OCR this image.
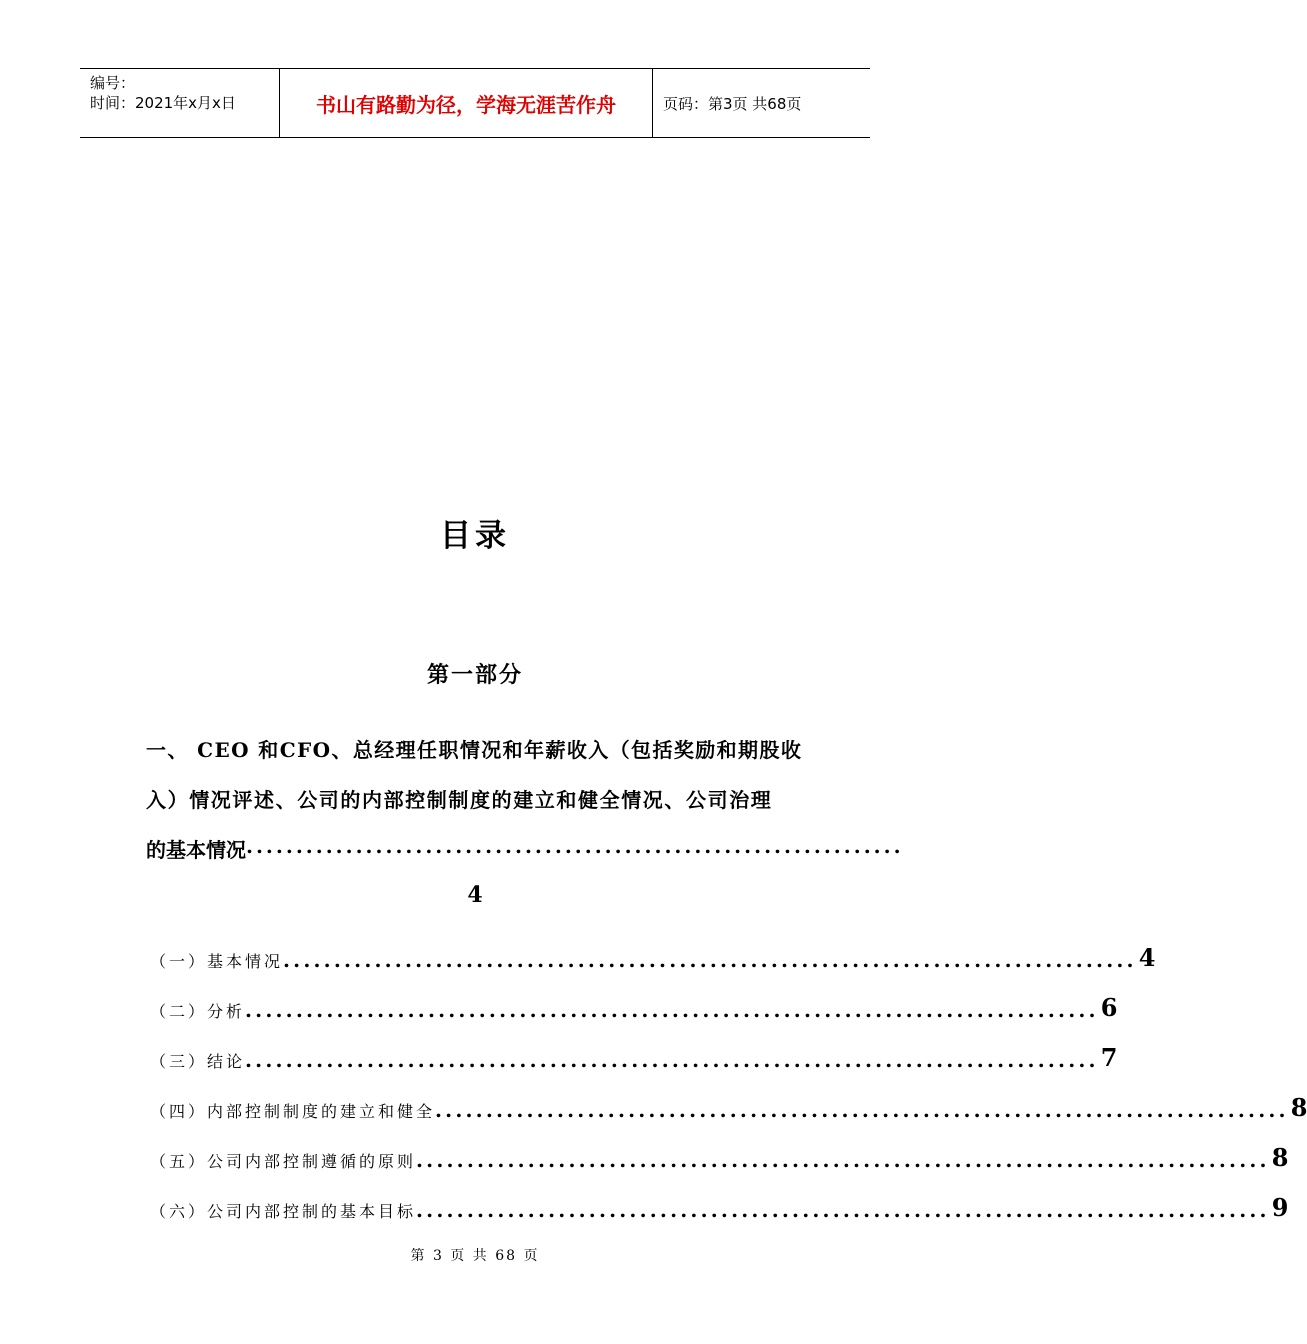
编号：
时间：2021年x月x日	书山有路勤为径，学海无涯苦作舟	页码：第3页 共68页
目录
第一部分
一、 CEO 和CFO、总经理任职情况和年薪收入（包括奖励和期股收
入）情况评述、公司的内部控制制度的建立和健全情况、公司治理
的基本情况 ..................................................................
4
（一）基本情况 .................................................................................... 4
（二）分析 .................................................................................... 6
（三）结论 .................................................................................... 7
（四）内部控制制度的建立和健全 .................................................................................... 8
（五）公司内部控制遵循的原则 .................................................................................... 8
（六）公司内部控制的基本目标 .................................................................................... 9
第 3 页 共 68 页
